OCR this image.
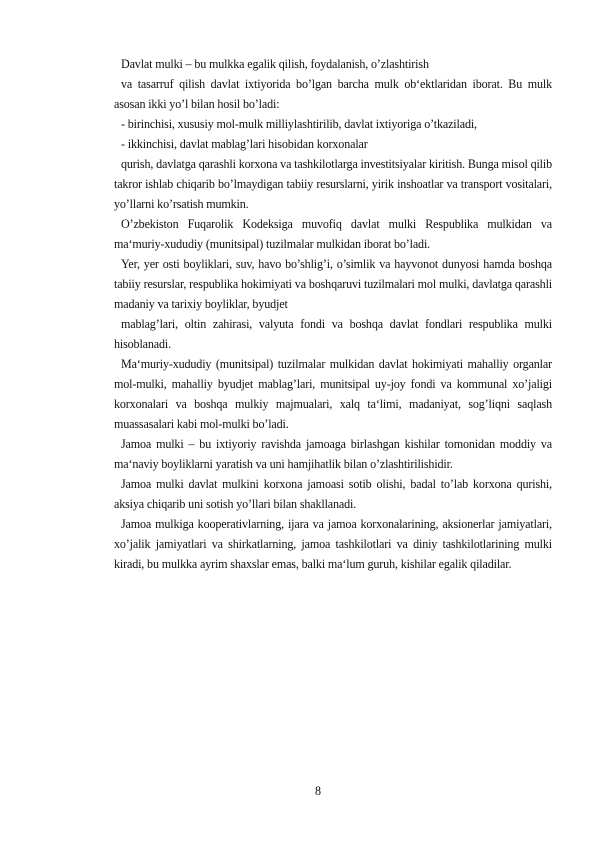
Davlat mulki – bu mulkka egalik qilish, foydalanish, o’zlashtirish

va tasarruf qilish davlat ixtiyorida bo’lgan barcha mulk ob‘ektlaridan iborat. Bu mulk asosan ikki yo’l bilan hosil bo’ladi:

- birinchisi, xususiy mol-mulk milliylashtirilib, davlat ixtiyoriga o’tkaziladi,

- ikkinchisi, davlat mablag’lari hisobidan korxonalar

qurish, davlatga qarashli korxona va tashkilotlarga investitsiyalar kiritish. Bunga misol qilib takror ishlab chiqarib bo’lmaydigan tabiiy resurslarni, yirik inshoatlar va transport vositalari, yo’llarni ko’rsatish mumkin.

O’zbekiston Fuqarolik Kodeksiga muvofiq davlat mulki Respublika mulkidan va ma‘muriy-xududiy (munitsipal) tuzilmalar mulkidan iborat bo’ladi.

Yer, yer osti boyliklari, suv, havo bo’shlig’i, o’simlik va hayvonot dunyosi hamda boshqa tabiiy resurslar, respublika hokimiyati va boshqaruvi tuzilmalari mol mulki, davlatga qarashli madaniy va tarixiy boyliklar, byudjet

mablag’lari, oltin zahirasi, valyuta fondi va boshqa davlat fondlari respublika mulki hisoblanadi.

Ma‘muriy-xududiy (munitsipal) tuzilmalar mulkidan davlat hokimiyati mahalliy organlar mol-mulki, mahalliy byudjet mablag’lari, munitsipal uy-joy fondi va kommunal xo’jaligi korxonalari va boshqa mulkiy majmualari, xalq ta‘limi, madaniyat, sog’liqni saqlash muassasalari kabi mol-mulki bo’ladi.

Jamoa mulki – bu ixtiyoriy ravishda jamoaga birlashgan kishilar tomonidan moddiy va ma‘naviy boyliklarni yaratish va uni hamjihatlik bilan o’zlashtirilishidir.

Jamoa mulki davlat mulkini korxona jamoasi sotib olishi, badal to’lab korxona qurishi, aksiya chiqarib uni sotish yo’llari bilan shakllanadi.

Jamoa mulkiga kooperativlarning, ijara va jamoa korxonalarining, aksionerlar jamiyatlari, xo’jalik jamiyatlari va shirkatlarning, jamoa tashkilotlari va diniy tashkilotlarining mulki kiradi, bu mulkka ayrim shaxslar emas, balki ma‘lum guruh, kishilar egalik qiladilar.

8
